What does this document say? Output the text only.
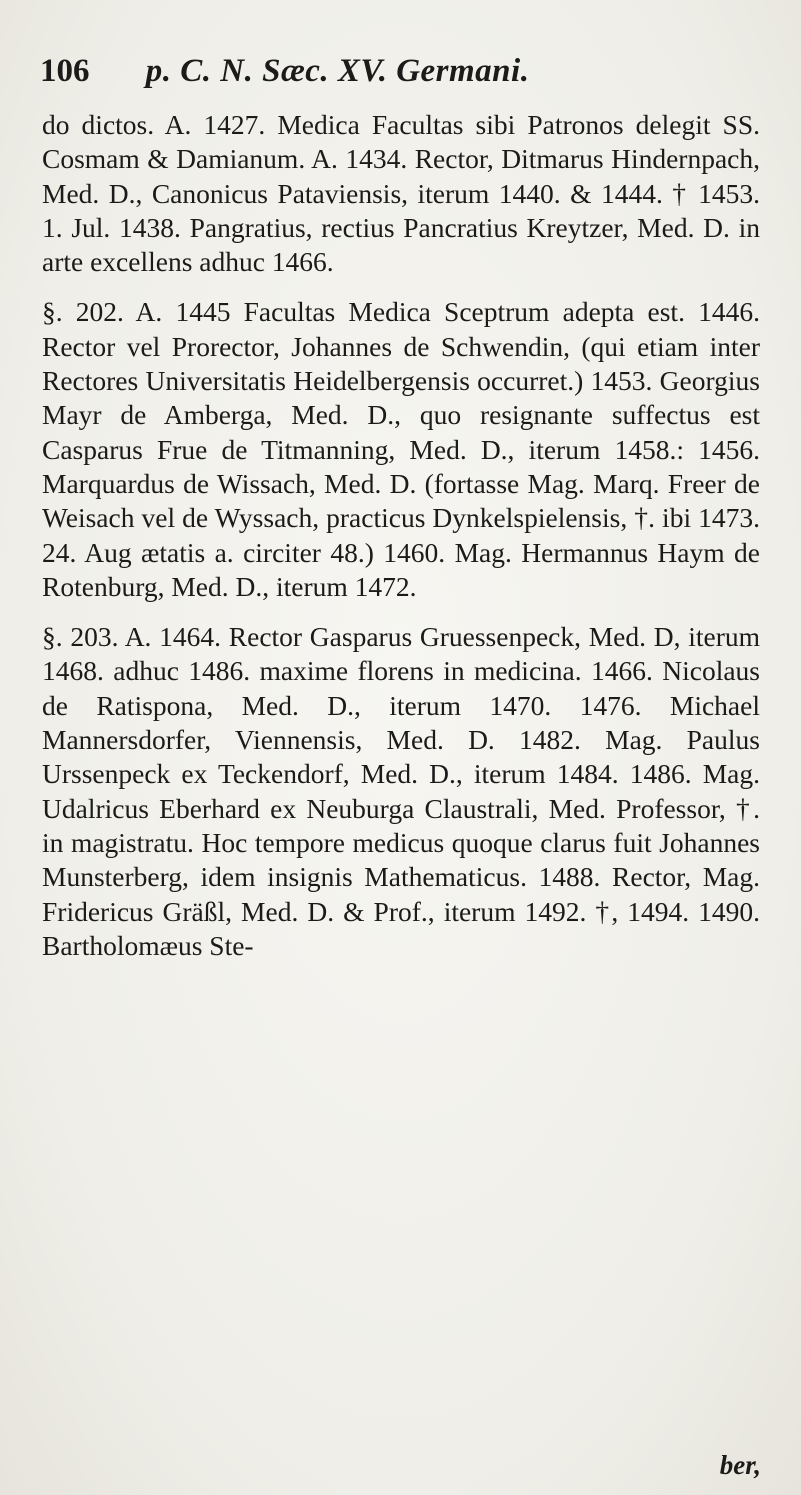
106 p. C. N. Sæc. XV. Germani.

do dictos. A. 1427. Medica Facultas sibi Patronos delegit SS. Cosmam & Damianum. A. 1434. Rector, Ditmarus Hindernpach, Med. D., Canonicus Pataviensis, iterum 1440. & 1444. † 1453. 1. Jul. 1438. Pangratius, rectius Pancratius Kreytzer, Med. D. in arte excellens adhuc 1466.

§. 202. A. 1445 Facultas Medica Sceptrum adepta est. 1446. Rector vel Prorector, Johannes de Schwendin, (qui etiam inter Rectores Universitatis Heidelbergensis occurret.) 1453. Georgius Mayr de Amberga, Med. D., quo resignante suffectus est Casparus Frue de Titmanning, Med. D., iterum 1458.: 1456. Marquardus de Wissach, Med. D. (fortasse Mag. Marq. Freer de Weisach vel de Wyssach, practicus Dynkelspielensis, †. ibi 1473. 24. Aug ætatis a. circiter 48.) 1460. Mag. Hermannus Haym de Rotenburg, Med. D., iterum 1472.

§. 203. A. 1464. Rector Gasparus Gruessenpeck, Med. D, iterum 1468. adhuc 1486. maxime florens in medicina. 1466. Nicolaus de Ratispona, Med. D., iterum 1470. 1476. Michael Mannersdorfer, Viennensis, Med. D. 1482. Mag. Paulus Urssenpeck ex Teckendorf, Med. D., iterum 1484. 1486. Mag. Udalricus Eberhard ex Neuburga Claustrali, Med. Professor, †. in magistratu. Hoc tempore medicus quoque clarus fuit Johannes Munsterberg, idem insignis Mathematicus. 1488. Rector, Mag. Fridericus Gräßl, Med. D. & Prof., iterum 1492. †, 1494. 1490. Bartholomæus Ste-

ber,
